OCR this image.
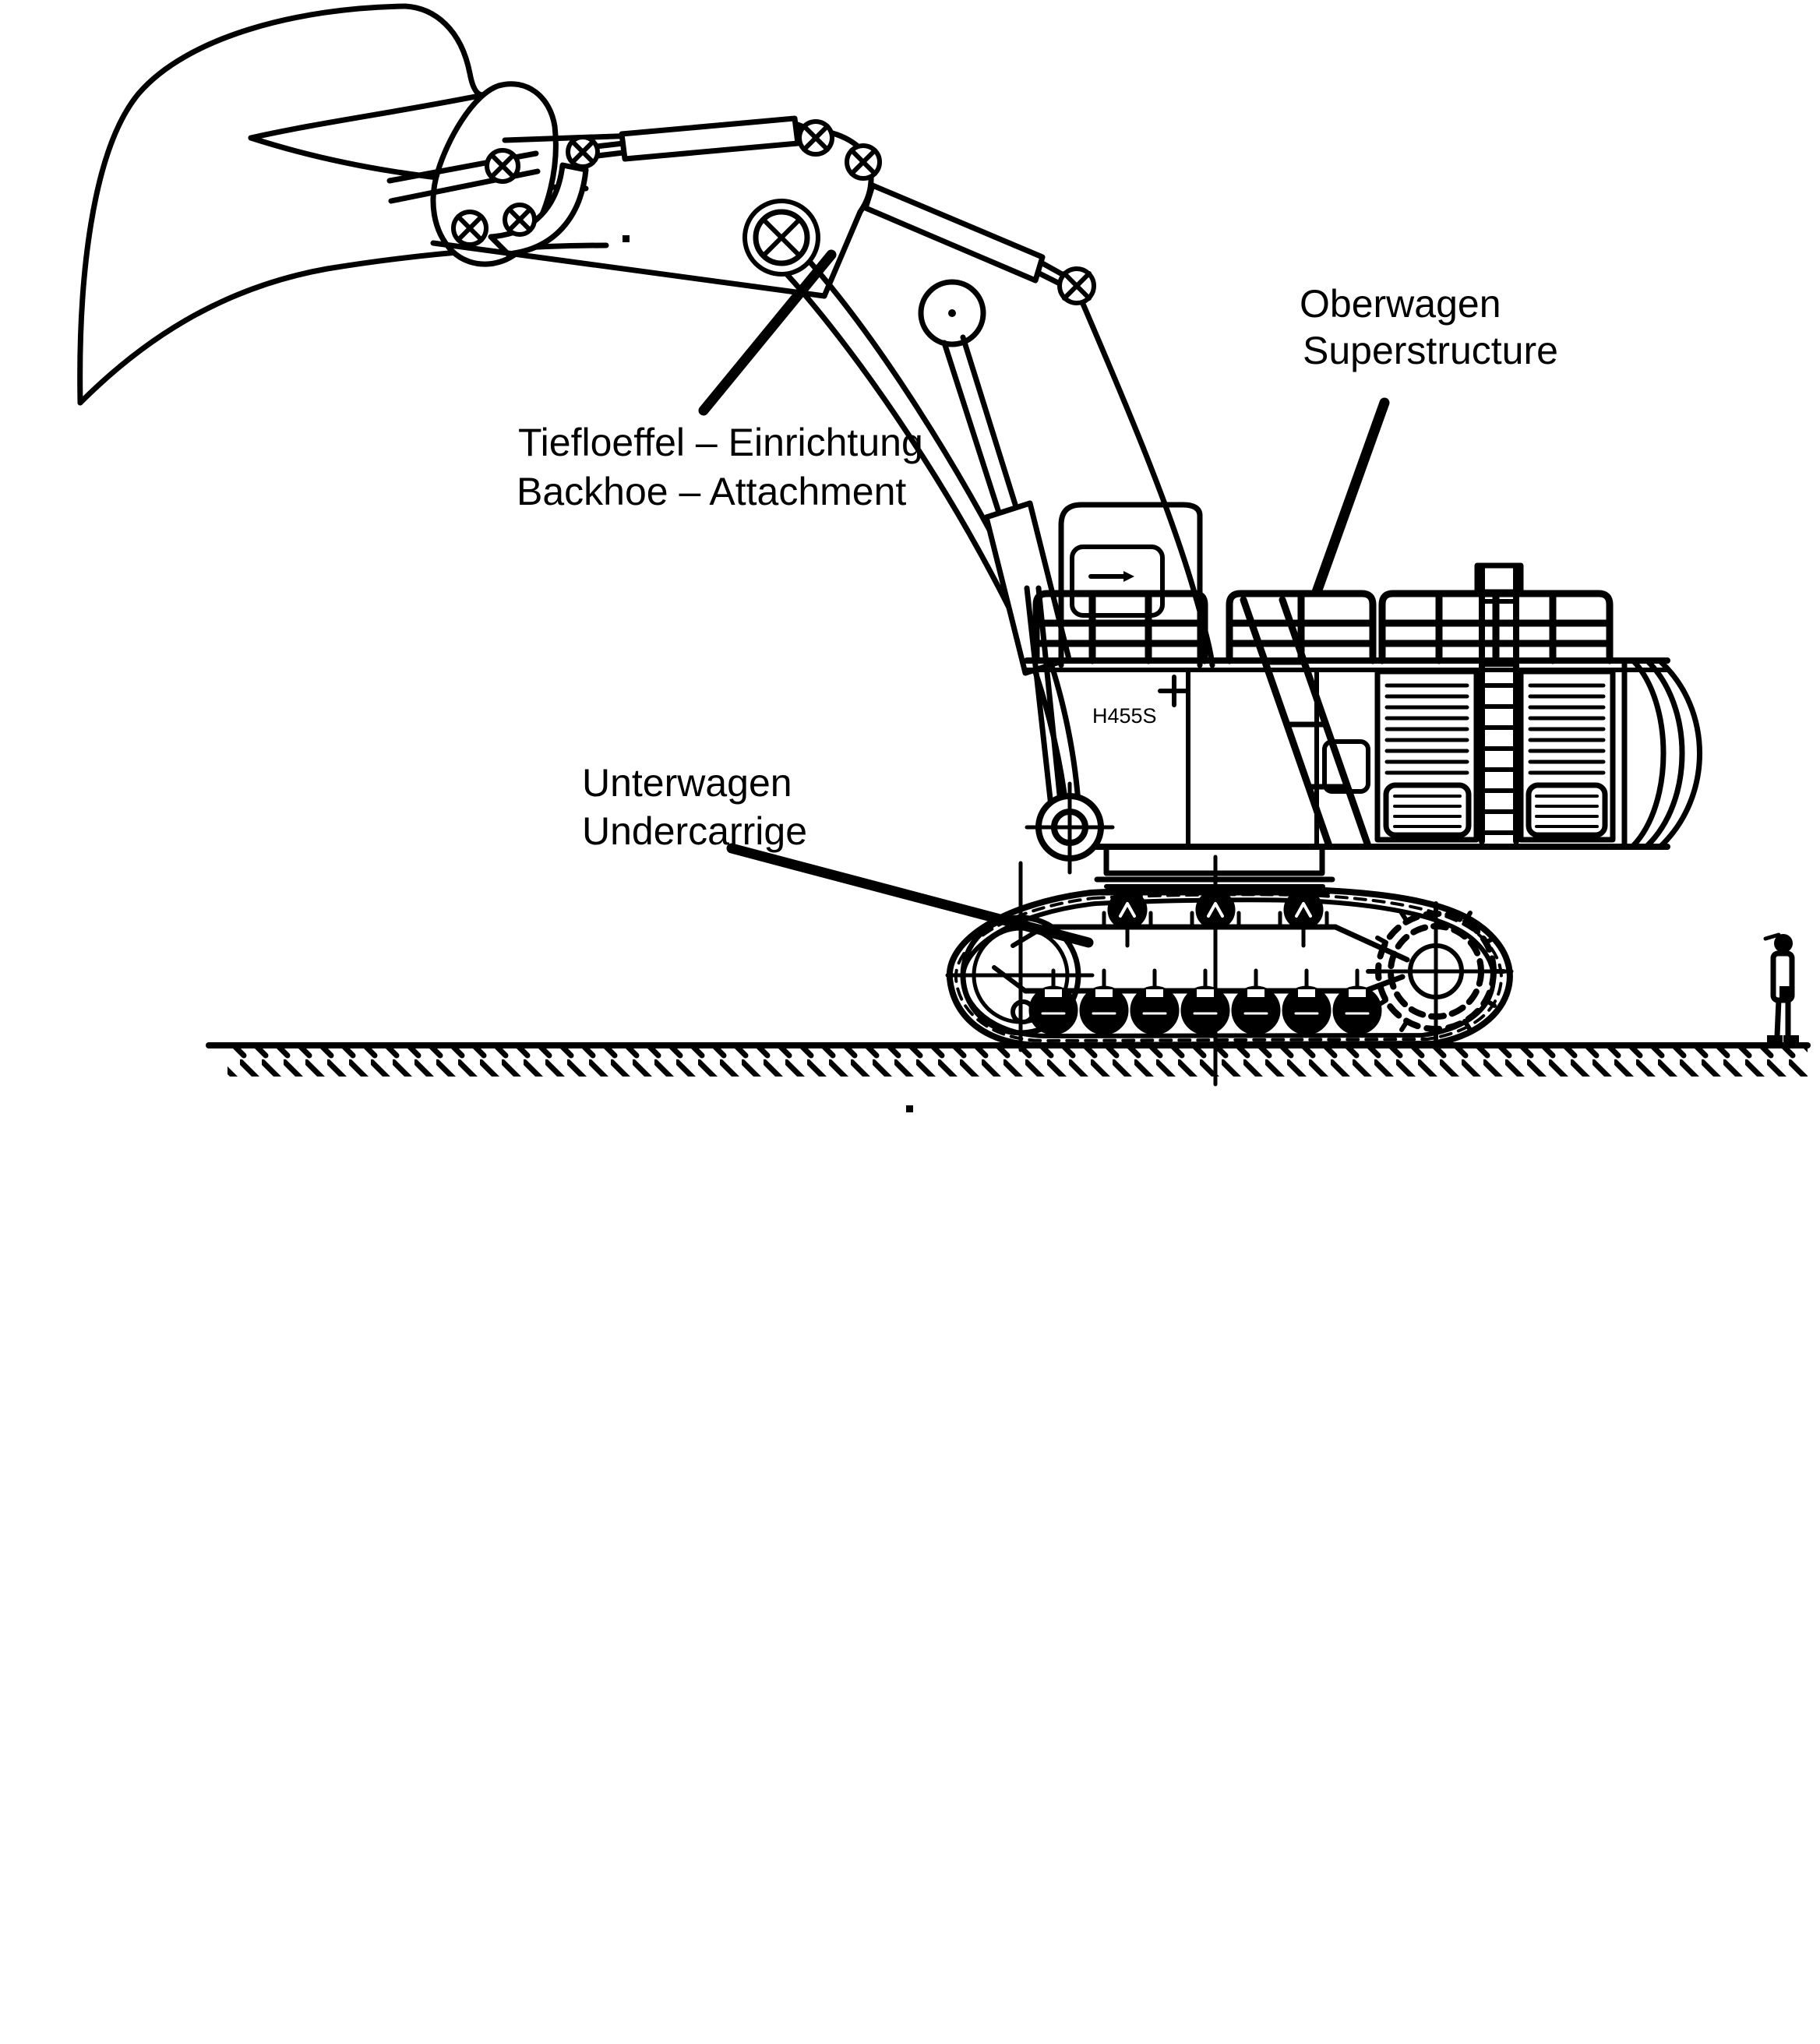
H455S
Tiefloeffel – Einrichtung
Backhoe – Attachment
Oberwagen
Superstructure
Unterwagen
Undercarrige
